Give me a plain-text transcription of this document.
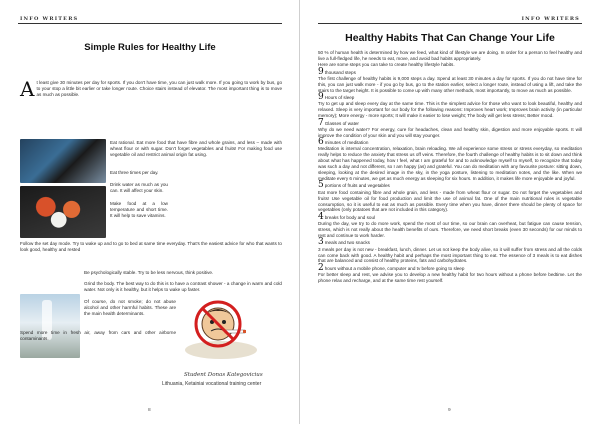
INFO WRITERS
Simple Rules for Healthy Life
A t least give 30 minutes per day for sports. If you don't have time, you can just walk more. If you going to work by bus, go to your stop a little bit earlier or take longer route. Choice stairs instead of elevator. The most important thing is to move as much as possible.
Eat rational. Eat more food that have fibre and whole grains, and less – made with wheat flour or with sugar. Don't forget vegetables and fruits! For making food use vegetable oil and restrict animal origin fat using.
Eat three times per day.
Drink water as much as you can. It will affect your skin.
Make food at a low temperature and short time. It will help to save vitamins.
Follow the set day mode. Try to wake up and to go to bed at same time everyday. That's the easiest advice for who that wants to look good, healthy and rested
Be psychologically stable. Try to be less nervous, think positive.
Grind the body. The best way to do this is to have a contrast shower - a change in warm and cold water. Not only is it healthy, but it helps to wake up faster.
Of course, do not smoke; do not abuse alcohol and other harmful habits. These are the main health determinants.
Spend more time in fresh air, away from cars and other airborne contaminants.
Student Donas Kategovicius
Lithuania, Ketainiai vocational training center
8
INFO WRITERS
Healthy Habits That Can Change Your Life
50 % of human health is determined by how we feed, what kind of lifestyle we are doing. In order for a person to feel healthy and live a full-fledged life, he needs to eat, move, and avoid bad habits appropriately.
Here are some steps you can take to create healthy lifestyle habits.
9thousand steps
The first challenge of healthy habits is 9,000 steps a day. Spend at least 30 minutes a day for sports. If you do not have time for this, you can just walk more - if you go by bus, go to the station earlier, select a longer route, instead of using a lift, and take the stairs to the target height. It is possible to come up with many other methods, most importantly, to move as much as possible.
9Hours of sleep
Try to get up and sleep every day at the same time. This is the simplest advice for those who want to look beautiful, healthy and relaxed. Sleep is very important for our body for the following reasons: Improves heart work; Improves brain activity (in particular memory); More energy - more sports; It will make it easier to lose weight; The body will get less stress; Better mood.
7Glasses of water
Why do we need water? For energy, cure for headaches, clean and healthy skin, digestion and more enjoyable sports. It will improve the condition of your skin and you will stay younger.
6minutes of meditation
Meditation is internal concentration, relaxation, brain reloading. We all experience some stress or stress everyday, so meditation really helps to reduce the anxiety that stress us off veins. Therefore, the fourth challenge of healthy habits is to sit down and think about what has happened today, how I feel, what I am grateful for and to acknowledge myself to myself, to recognize that today was such a day and not different, so I am happy (as) and grateful. You can do meditation with any favourite posture: sitting down, sleeping, looking at the desired image in the sky, in the yoga posture, listening to meditation notes, and the like. When we meditate every 6 minutes, we get as much energy as sleeping for six hours. In addition, it makes life more enjoyable and joyful.
5portions of fruits and vegetables
Eat more food containing fibre and whole grain, and less - made from wheat flour or sugar. Do not forget the vegetables and fruits! Use vegetable oil for food production and limit the use of animal fat. One of the main nutritional rules is vegetable consumption, so it is useful to eat as much as possible. Every time when you have, dinner there should be plenty of space for vegetables (only potatoes that are not included in this category).
4breaks for body and soul
During the day, we try to do more work, spend the most of our time, so our brain can overheat, but fatigue can cause tension, stress, which is not really about the health benefits of ours. Therefore, we need short breaks (even 30 seconds) for our minds to rest and continue to work harder.
3meals and two snacks
3 meals per day is not new - breakfast, lunch, dinner. Let us not keep the body alive, so it will suffer from stress and all the colds can come back with good. A healthy habit and perhaps the most important thing to eat. The essence of 3 meals is to eat dishes that are balanced and consist of healthy proteins, fats and carbohydrates.
2hours without a mobile phone, computer and tv before going to sleep
For better sleep and rest, we advise you to develop a new healthy habit for two hours without a phone before bedtime. Let the phone relax and recharge, and at the same time rest yourself.
9
